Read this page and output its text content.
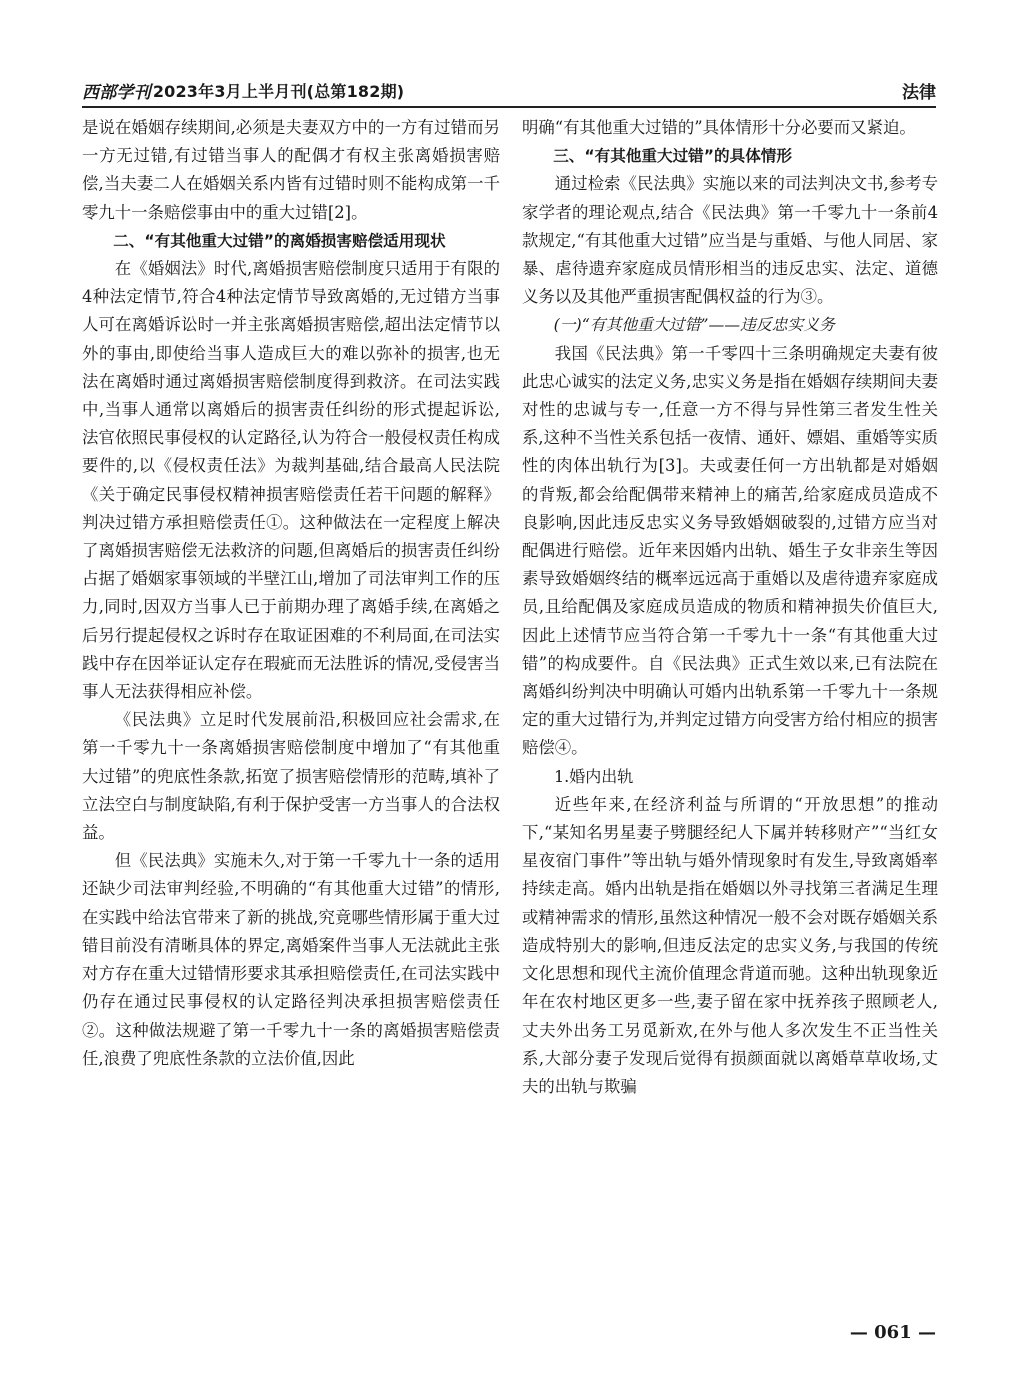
西部学刊 2023年3月上半月刊(总第182期)	法律

是说在婚姻存续期间,必须是夫妻双方中的一方有过错而另一方无过错,有过错当事人的配偶才有权主张离婚损害赔偿,当夫妻二人在婚姻关系内皆有过错时则不能构成第一千零九十一条赔偿事由中的重大过错[2]。

二、“有其他重大过错”的离婚损害赔偿适用现状

在《婚姻法》时代,离婚损害赔偿制度只适用于有限的4种法定情节,符合4种法定情节导致离婚的,无过错方当事人可在离婚诉讼时一并主张离婚损害赔偿,超出法定情节以外的事由,即使给当事人造成巨大的难以弥补的损害,也无法在离婚时通过离婚损害赔偿制度得到救济。在司法实践中,当事人通常以离婚后的损害责任纠纷的形式提起诉讼,法官依照民事侵权的认定路径,认为符合一般侵权责任构成要件的,以《侵权责任法》为裁判基础,结合最高人民法院《关于确定民事侵权精神损害赔偿责任若干问题的解释》判决过错方承担赔偿责任①。这种做法在一定程度上解决了离婚损害赔偿无法救济的问题,但离婚后的损害责任纠纷占据了婚姻家事领域的半壁江山,增加了司法审判工作的压力,同时,因双方当事人已于前期办理了离婚手续,在离婚之后另行提起侵权之诉时存在取证困难的不利局面,在司法实践中存在因举证认定存在瑕疵而无法胜诉的情况,受侵害当事人无法获得相应补偿。

《民法典》立足时代发展前沿,积极回应社会需求,在第一千零九十一条离婚损害赔偿制度中增加了“有其他重大过错”的兜底性条款,拓宽了损害赔偿情形的范畴,填补了立法空白与制度缺陷,有利于保护受害一方当事人的合法权益。

但《民法典》实施未久,对于第一千零九十一条的适用还缺少司法审判经验,不明确的“有其他重大过错”的情形,在实践中给法官带来了新的挑战,究竟哪些情形属于重大过错目前没有清晰具体的界定,离婚案件当事人无法就此主张对方存在重大过错情形要求其承担赔偿责任,在司法实践中仍存在通过民事侵权的认定路径判决承担损害赔偿责任②。这种做法规避了第一千零九十一条的离婚损害赔偿责任,浪费了兜底性条款的立法价值,因此

明确“有其他重大过错的”具体情形十分必要而又紧迫。

三、“有其他重大过错”的具体情形

通过检索《民法典》实施以来的司法判决文书,参考专家学者的理论观点,结合《民法典》第一千零九十一条前4款规定,“有其他重大过错”应当是与重婚、与他人同居、家暴、虐待遗弃家庭成员情形相当的违反忠实、法定、道德义务以及其他严重损害配偶权益的行为③。

(一)“有其他重大过错”——违反忠实义务

我国《民法典》第一千零四十三条明确规定夫妻有彼此忠心诚实的法定义务,忠实义务是指在婚姻存续期间夫妻对性的忠诚与专一,任意一方不得与异性第三者发生性关系,这种不当性关系包括一夜情、通奸、嫖娼、重婚等实质性的肉体出轨行为[3]。夫或妻任何一方出轨都是对婚姻的背叛,都会给配偶带来精神上的痛苦,给家庭成员造成不良影响,因此违反忠实义务导致婚姻破裂的,过错方应当对配偶进行赔偿。近年来因婚内出轨、婚生子女非亲生等因素导致婚姻终结的概率远远高于重婚以及虐待遗弃家庭成员,且给配偶及家庭成员造成的物质和精神损失价值巨大,因此上述情节应当符合第一千零九十一条“有其他重大过错”的构成要件。自《民法典》正式生效以来,已有法院在离婚纠纷判决中明确认可婚内出轨系第一千零九十一条规定的重大过错行为,并判定过错方向受害方给付相应的损害赔偿④。

1.婚内出轨

近些年来,在经济利益与所谓的“开放思想”的推动下,“某知名男星妻子劈腿经纪人下属并转移财产”“当红女星夜宿门事件”等出轨与婚外情现象时有发生,导致离婚率持续走高。婚内出轨是指在婚姻以外寻找第三者满足生理或精神需求的情形,虽然这种情况一般不会对既存婚姻关系造成特别大的影响,但违反法定的忠实义务,与我国的传统文化思想和现代主流价值理念背道而驰。这种出轨现象近年在农村地区更多一些,妻子留在家中抚养孩子照顾老人,丈夫外出务工另觅新欢,在外与他人多次发生不正当性关系,大部分妻子发现后觉得有损颜面就以离婚草草收场,丈夫的出轨与欺骗

— 061 —
